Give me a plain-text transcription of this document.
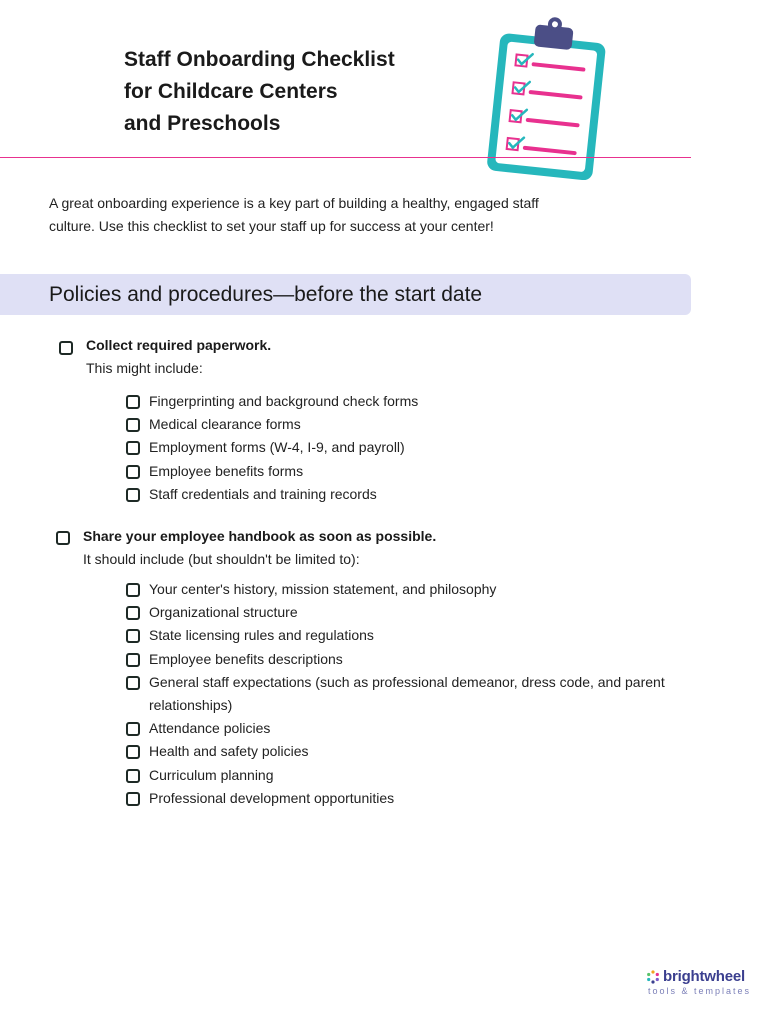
Staff Onboarding Checklist
for Childcare Centers
and Preschools
A great onboarding experience is a key part of building a healthy, engaged staff
culture. Use this checklist to set your staff up for success at your center!
Policies and procedures—before the start date
Collect required paperwork.
This might include:
Fingerprinting and background check forms
Medical clearance forms
Employment forms (W-4, I-9, and payroll)
Employee benefits forms
Staff credentials and training records
Share your employee handbook as soon as possible.
It should include (but shouldn't be limited to):
Your center's history, mission statement, and philosophy
Organizational structure
State licensing rules and regulations
Employee benefits descriptions
General staff expectations (such as professional demeanor, dress code, and parent relationships)
Attendance policies
Health and safety policies
Curriculum planning
Professional development opportunities
brightwheel
tools & templates
